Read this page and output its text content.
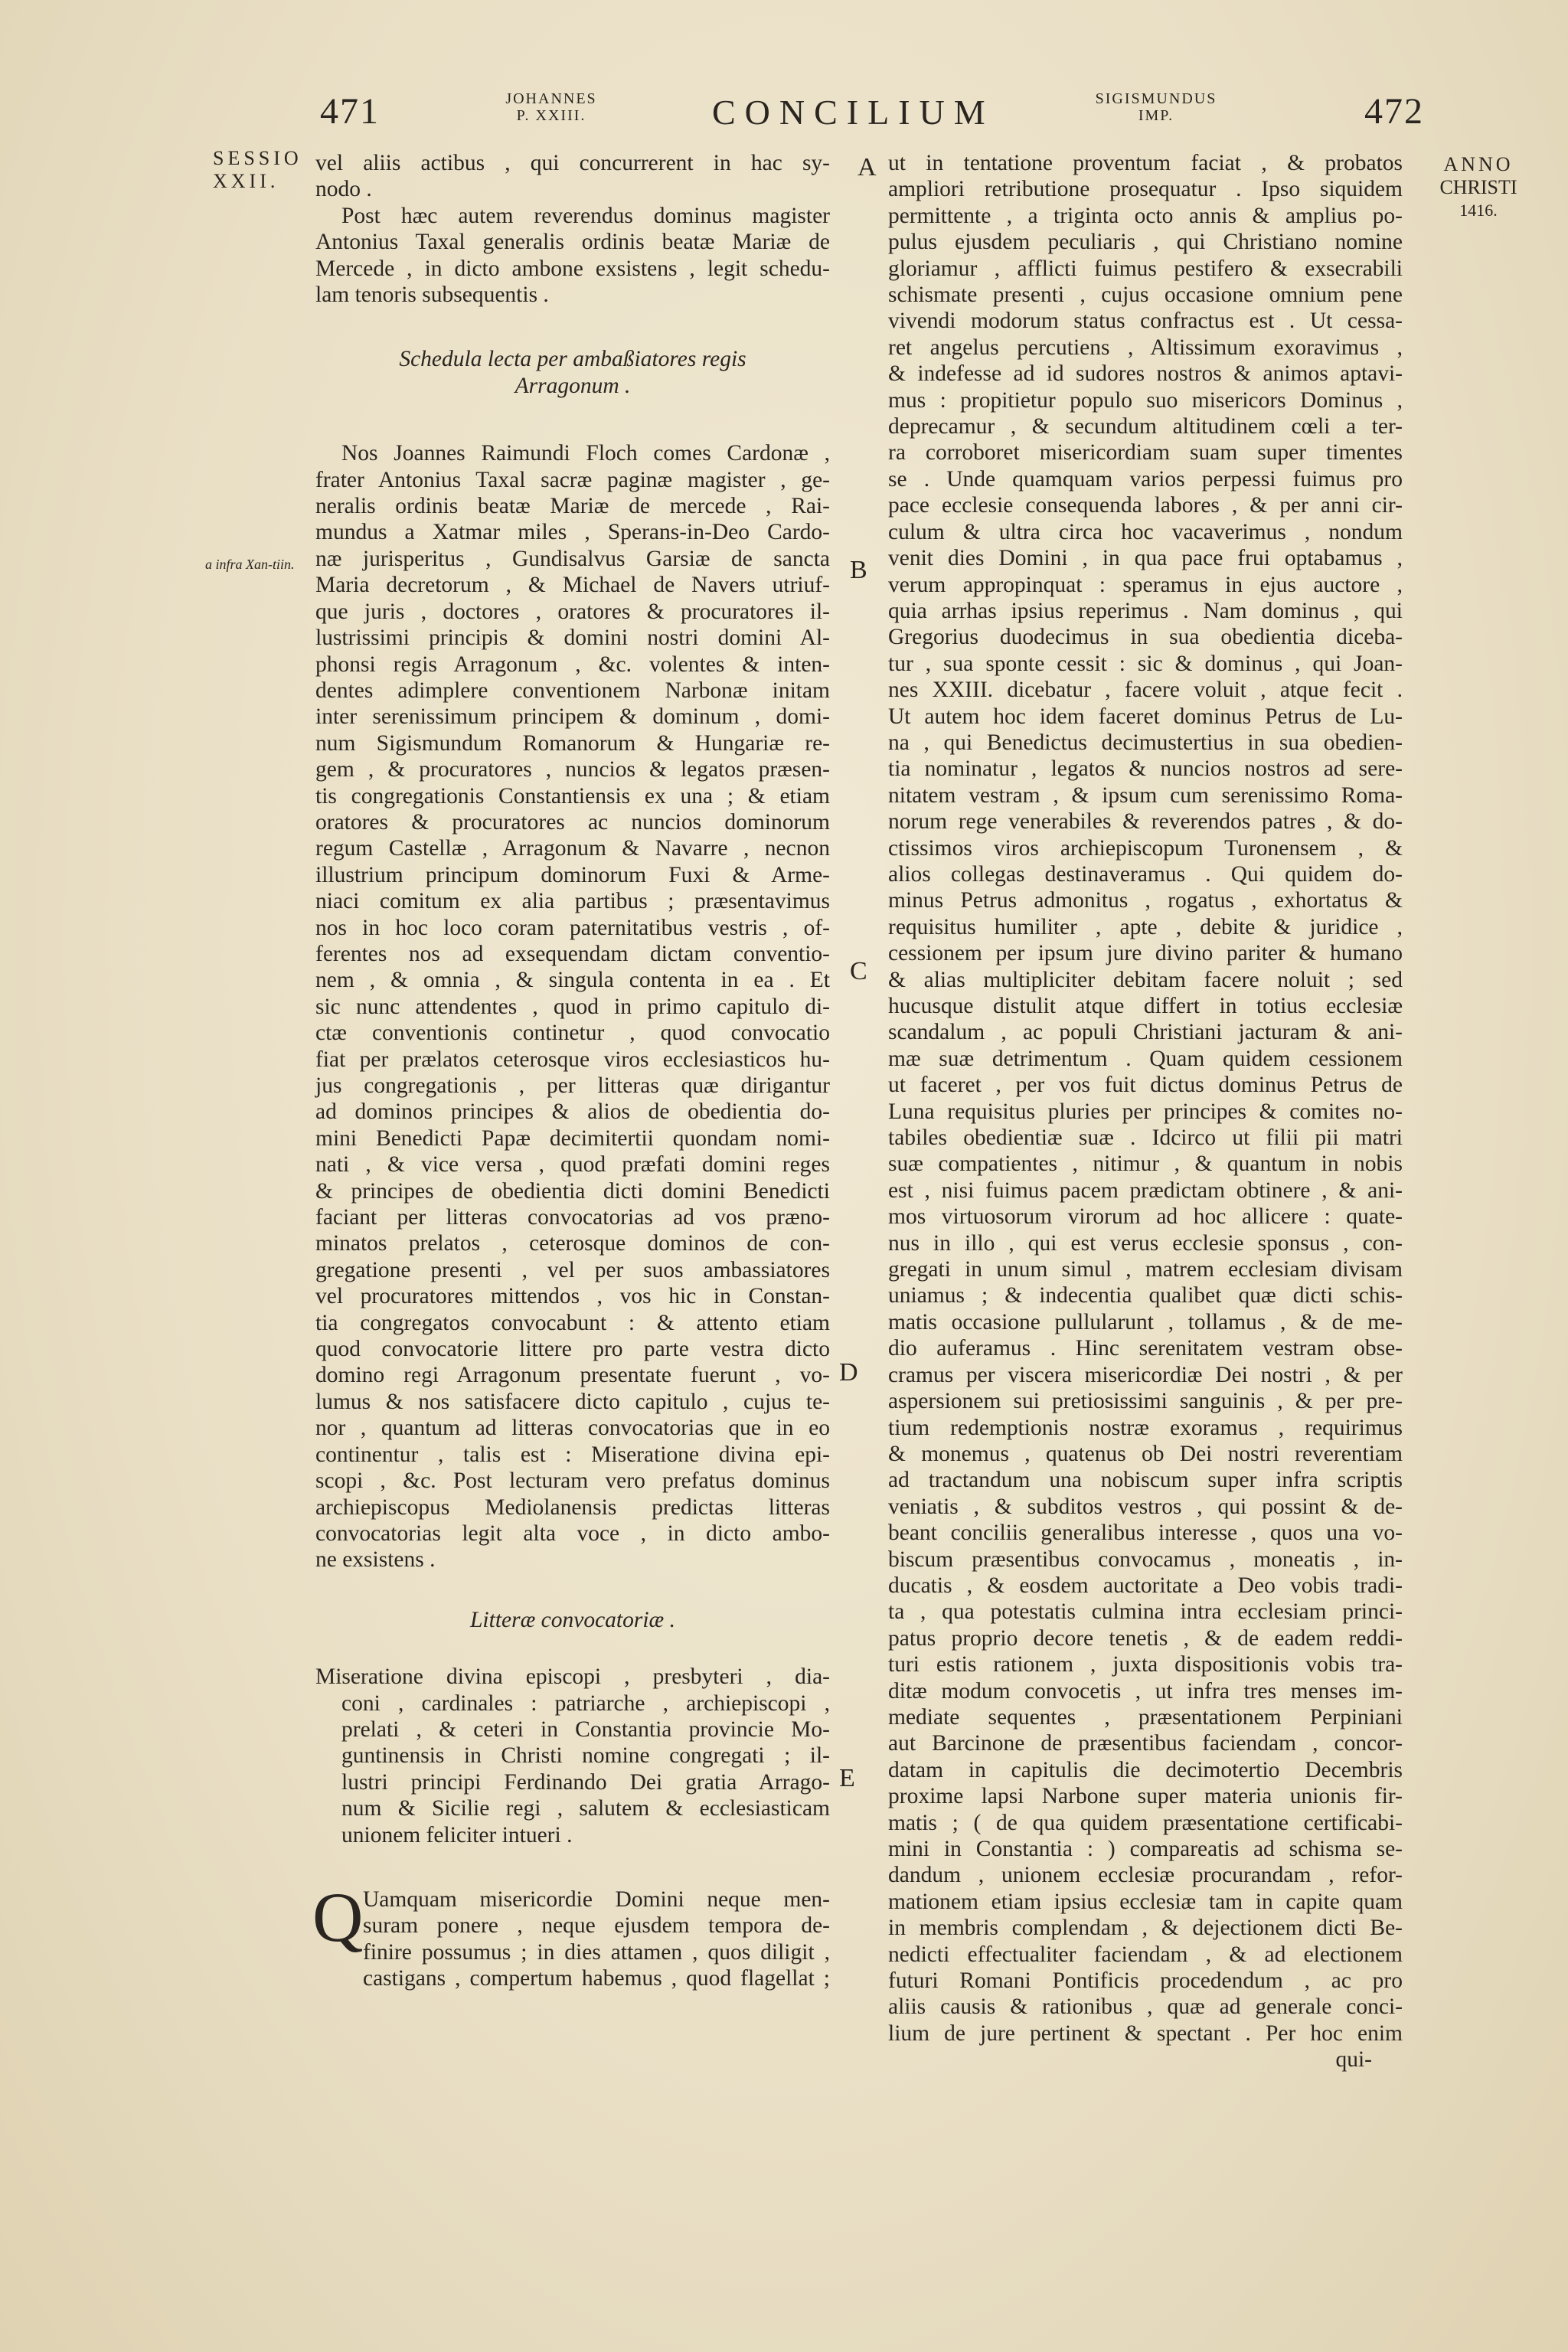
471	JOHANNES
P. XXIII.	CONCILIUM	SIGISMUNDUS
IMP.	472
SESSIO
XXII.
a infra Xan-tiin.
ANNO
CHRISTI
1416.
A
B
C
D
E
vel aliis actibus , qui concurrerent in hac sy-
nodo .
Post hæc autem reverendus dominus magister
Antonius Taxal generalis ordinis beatæ Mariæ de
Mercede , in dicto ambone exsistens , legit schedu-
lam tenoris subsequentis .
Schedula lecta per ambaßiatores regis
Arragonum .
Nos Joannes Raimundi Floch comes Cardonæ ,
frater Antonius Taxal sacræ paginæ magister , ge-
neralis ordinis beatæ Mariæ de mercede , Rai-
mundus a Xatmar miles , Sperans-in-Deo Cardo-
næ jurisperitus , Gundisalvus Garsiæ de sancta
Maria decretorum , & Michael de Navers utriuf-
que juris , doctores , oratores & procuratores il-
lustrissimi principis & domini nostri domini Al-
phonsi regis Arragonum , &c. volentes & inten-
dentes adimplere conventionem Narbonæ initam
inter serenissimum principem & dominum , domi-
num Sigismundum Romanorum & Hungariæ re-
gem , & procuratores , nuncios & legatos præsen-
tis congregationis Constantiensis ex una ; & etiam
oratores & procuratores ac nuncios dominorum
regum Castellæ , Arragonum & Navarre , necnon
illustrium principum dominorum Fuxi & Arme-
niaci comitum ex alia partibus ; præsentavimus
nos in hoc loco coram paternitatibus vestris , of-
ferentes nos ad exsequendam dictam conventio-
nem , & omnia , & singula contenta in ea . Et
sic nunc attendentes , quod in primo capitulo di-
ctæ conventionis continetur , quod convocatio
fiat per prælatos ceterosque viros ecclesiasticos hu-
jus congregationis , per litteras quæ dirigantur
ad dominos principes & alios de obedientia do-
mini Benedicti Papæ decimitertii quondam nomi-
nati , & vice versa , quod præfati domini reges
& principes de obedientia dicti domini Benedicti
faciant per litteras convocatorias ad vos præno-
minatos prelatos , ceterosque dominos de con-
gregatione presenti , vel per suos ambassiatores
vel procuratores mittendos , vos hic in Constan-
tia congregatos convocabunt : & attento etiam
quod convocatorie littere pro parte vestra dicto
domino regi Arragonum presentate fuerunt , vo-
lumus & nos satisfacere dicto capitulo , cujus te-
nor , quantum ad litteras convocatorias que in eo
continentur , talis est : Miseratione divina epi-
scopi , &c. Post lecturam vero prefatus dominus
archiepiscopus Mediolanensis predictas litteras
convocatorias legit alta voce , in dicto ambo-
ne exsistens .
Litteræ convocatoriæ .
Miseratione divina episcopi , presbyteri , dia-
coni , cardinales : patriarche , archiepiscopi ,
prelati , & ceteri in Constantia provincie Mo-
guntinensis in Christi nomine congregati ; il-
lustri principi Ferdinando Dei gratia Arrago-
num & Sicilie regi , salutem & ecclesiasticam
unionem feliciter intueri .
Q Uamquam misericordie Domini neque men-
suram ponere , neque ejusdem tempora de-
finire possumus ; in dies attamen , quos diligit ,
castigans , compertum habemus , quod flagellat ;
ut in tentatione proventum faciat , & probatos
ampliori retributione prosequatur . Ipso siquidem
permittente , a triginta octo annis & amplius po-
pulus ejusdem peculiaris , qui Christiano nomine
gloriamur , afflicti fuimus pestifero & exsecrabili
schismate presenti , cujus occasione omnium pene
vivendi modorum status confractus est . Ut cessa-
ret angelus percutiens , Altissimum exoravimus ,
& indefesse ad id sudores nostros & animos aptavi-
mus : propitietur populo suo misericors Dominus ,
deprecamur , & secundum altitudinem cœli a ter-
ra corroboret misericordiam suam super timentes
se . Unde quamquam varios perpessi fuimus pro
pace ecclesie consequenda labores , & per anni cir-
culum & ultra circa hoc vacaverimus , nondum
venit dies Domini , in qua pace frui optabamus ,
verum appropinquat : speramus in ejus auctore ,
quia arrhas ipsius reperimus . Nam dominus , qui
Gregorius duodecimus in sua obedientia diceba-
tur , sua sponte cessit : sic & dominus , qui Joan-
nes XXIII. dicebatur , facere voluit , atque fecit .
Ut autem hoc idem faceret dominus Petrus de Lu-
na , qui Benedictus decimustertius in sua obedien-
tia nominatur , legatos & nuncios nostros ad sere-
nitatem vestram , & ipsum cum serenissimo Roma-
norum rege venerabiles & reverendos patres , & do-
ctissimos viros archiepiscopum Turonensem , &
alios collegas destinaveramus . Qui quidem do-
minus Petrus admonitus , rogatus , exhortatus &
requisitus humiliter , apte , debite & juridice ,
cessionem per ipsum jure divino pariter & humano
& alias multipliciter debitam facere noluit ; sed
hucusque distulit atque differt in totius ecclesiæ
scandalum , ac populi Christiani jacturam & ani-
mæ suæ detrimentum . Quam quidem cessionem
ut faceret , per vos fuit dictus dominus Petrus de
Luna requisitus pluries per principes & comites no-
tabiles obedientiæ suæ . Idcirco ut filii pii matri
suæ compatientes , nitimur , & quantum in nobis
est , nisi fuimus pacem prædictam obtinere , & ani-
mos virtuosorum virorum ad hoc allicere : quate-
nus in illo , qui est verus ecclesie sponsus , con-
gregati in unum simul , matrem ecclesiam divisam
uniamus ; & indecentia qualibet quæ dicti schis-
matis occasione pullularunt , tollamus , & de me-
dio auferamus . Hinc serenitatem vestram obse-
cramus per viscera misericordiæ Dei nostri , & per
aspersionem sui pretiosissimi sanguinis , & per pre-
tium redemptionis nostræ exoramus , requirimus
& monemus , quatenus ob Dei nostri reverentiam
ad tractandum una nobiscum super infra scriptis
veniatis , & subditos vestros , qui possint & de-
beant conciliis generalibus interesse , quos una vo-
biscum præsentibus convocamus , moneatis , in-
ducatis , & eosdem auctoritate a Deo vobis tradi-
ta , qua potestatis culmina intra ecclesiam princi-
patus proprio decore tenetis , & de eadem reddi-
turi estis rationem , juxta dispositionis vobis tra-
ditæ modum convocetis , ut infra tres menses im-
mediate sequentes , præsentationem Perpiniani
aut Barcinone de præsentibus faciendam , concor-
datam in capitulis die decimotertio Decembris
proxime lapsi Narbone super materia unionis fir-
matis ; ( de qua quidem præsentatione certificabi-
mini in Constantia : ) compareatis ad schisma se-
dandum , unionem ecclesiæ procurandam , refor-
mationem etiam ipsius ecclesiæ tam in capite quam
in membris complendam , & dejectionem dicti Be-
nedicti effectualiter faciendam , & ad electionem
futuri Romani Pontificis procedendum , ac pro
aliis causis & rationibus , quæ ad generale conci-
lium de jure pertinent & spectant . Per hoc enim
qui-
